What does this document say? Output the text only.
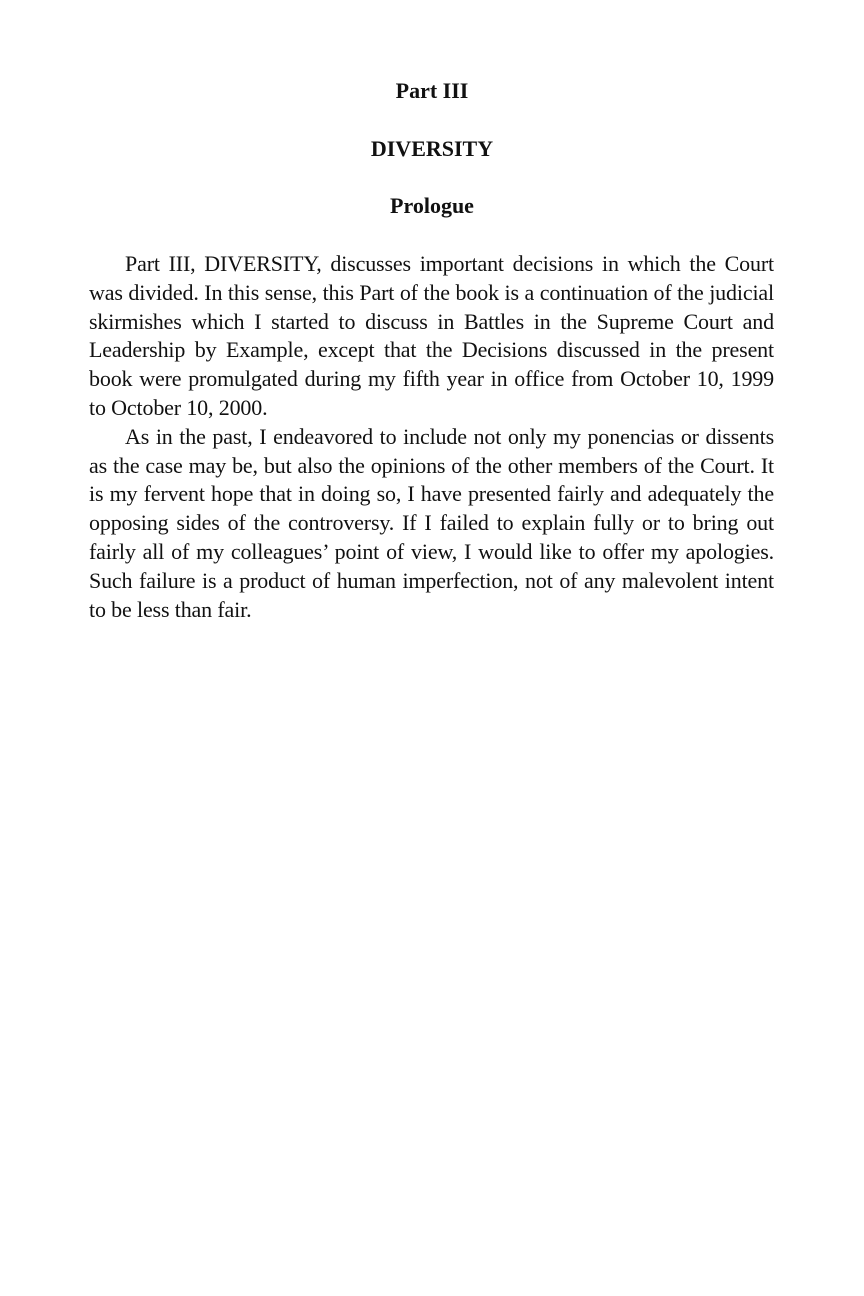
Part III
DIVERSITY
Prologue

Part III, DIVERSITY, discusses important decisions in which the Court was divided. In this sense, this Part of the book is a continuation of the judicial skirmishes which I started to discuss in Battles in the Supreme Court and Leadership by Example, except that the Decisions discussed in the present book were promulgated during my fifth year in office from October 10, 1999 to October 10, 2000.

As in the past, I endeavored to include not only my ponencias or dissents as the case may be, but also the opinions of the other members of the Court. It is my fervent hope that in doing so, I have presented fairly and adequately the opposing sides of the controversy. If I failed to explain fully or to bring out fairly all of my colleagues’ point of view, I would like to offer my apologies. Such failure is a product of human imperfection, not of any malevolent intent to be less than fair.
